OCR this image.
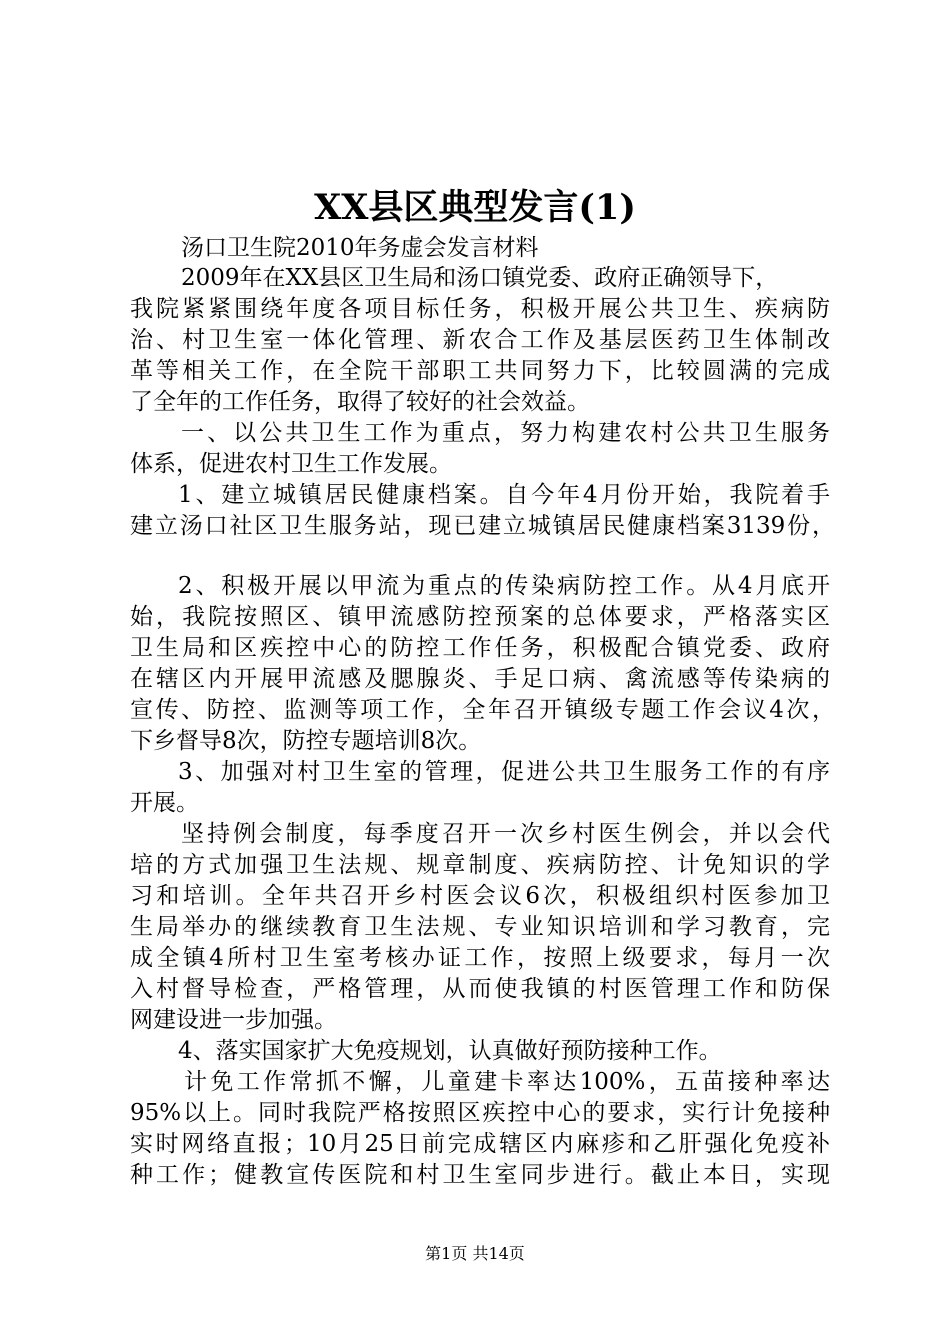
XX县区典型发言(1)
汤口卫生院2010年务虚会发言材料
2009年在XX县区卫生局和汤口镇党委、政府正确领导下，
我院紧紧围绕年度各项目标任务，积极开展公共卫生、疾病防
治、村卫生室一体化管理、新农合工作及基层医药卫生体制改
革等相关工作，在全院干部职工共同努力下，比较圆满的完成
了全年的工作任务，取得了较好的社会效益。
一、以公共卫生工作为重点，努力构建农村公共卫生服务
体系，促进农村卫生工作发展。
1、建立城镇居民健康档案。自今年4月份开始，我院着手
建立汤口社区卫生服务站，现已建立城镇居民健康档案3139份，
2、积极开展以甲流为重点的传染病防控工作。从4月底开
始，我院按照区、镇甲流感防控预案的总体要求，严格落实区
卫生局和区疾控中心的防控工作任务，积极配合镇党委、政府
在辖区内开展甲流感及腮腺炎、手足口病、禽流感等传染病的
宣传、防控、监测等项工作，全年召开镇级专题工作会议4次，
下乡督导8次，防控专题培训8次。
3、加强对村卫生室的管理，促进公共卫生服务工作的有序
开展。
坚持例会制度，每季度召开一次乡村医生例会，并以会代
培的方式加强卫生法规、规章制度、疾病防控、计免知识的学
习和培训。全年共召开乡村医会议6次，积极组织村医参加卫
生局举办的继续教育卫生法规、专业知识培训和学习教育，完
成全镇4所村卫生室考核办证工作，按照上级要求，每月一次
入村督导检查，严格管理，从而使我镇的村医管理工作和防保
网建设进一步加强。
4、落实国家扩大免疫规划，认真做好预防接种工作。
计免工作常抓不懈，儿童建卡率达100%，五苗接种率达
95%以上。同时我院严格按照区疾控中心的要求，实行计免接种
实时网络直报；10月25日前完成辖区内麻疹和乙肝强化免疫补
种工作；健教宣传医院和村卫生室同步进行。截止本日，实现
第1页 共14页
